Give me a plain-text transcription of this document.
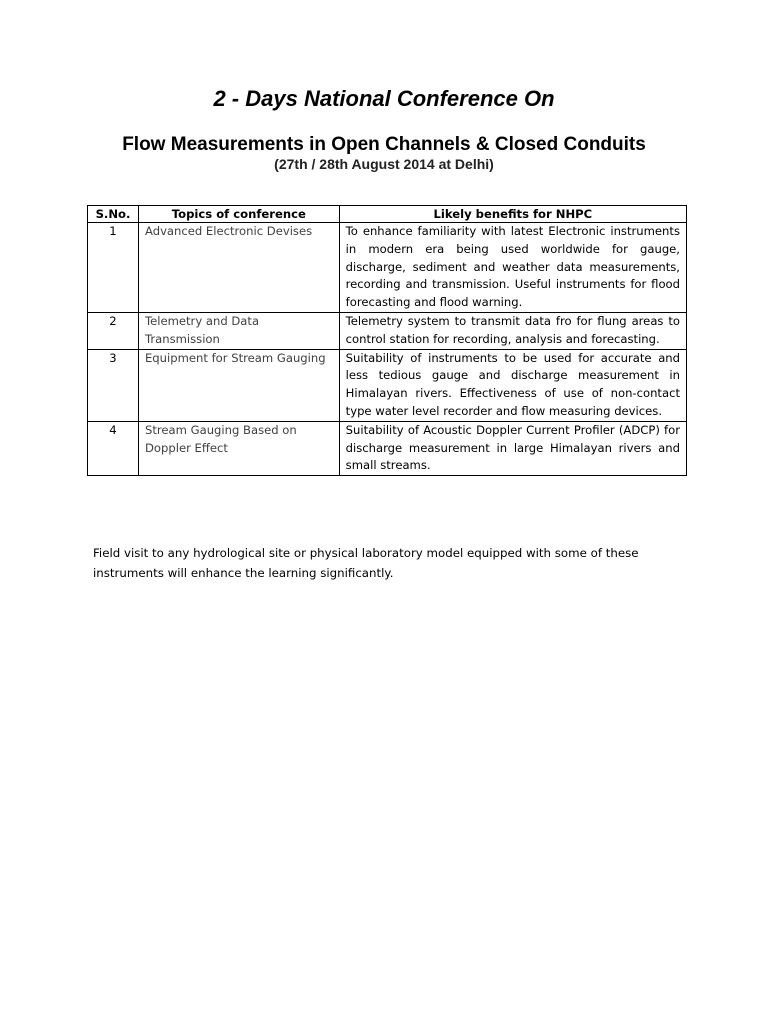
2 - Days National Conference On
Flow Measurements in Open Channels & Closed Conduits
(27th / 28th August 2014 at Delhi)
S.No.	Topics of conference	Likely benefits for NHPC
1	Advanced Electronic Devises	To enhance familiarity with latest Electronic instruments in modern era being used worldwide for gauge, discharge, sediment and weather data measurements, recording and transmission. Useful instruments for flood forecasting and flood warning.
2	Telemetry and Data Transmission	Telemetry system to transmit data fro for flung areas to control station for recording, analysis and forecasting.
3	Equipment for Stream Gauging	Suitability of instruments to be used for accurate and less tedious gauge and discharge measurement in Himalayan rivers. Effectiveness of use of non-contact type water level recorder and flow measuring devices.
4	Stream Gauging Based on Doppler Effect	Suitability of Acoustic Doppler Current Profiler (ADCP) for discharge measurement in large Himalayan rivers and small streams.

Field visit to any hydrological site or physical laboratory model equipped with some of these instruments will enhance the learning significantly.
